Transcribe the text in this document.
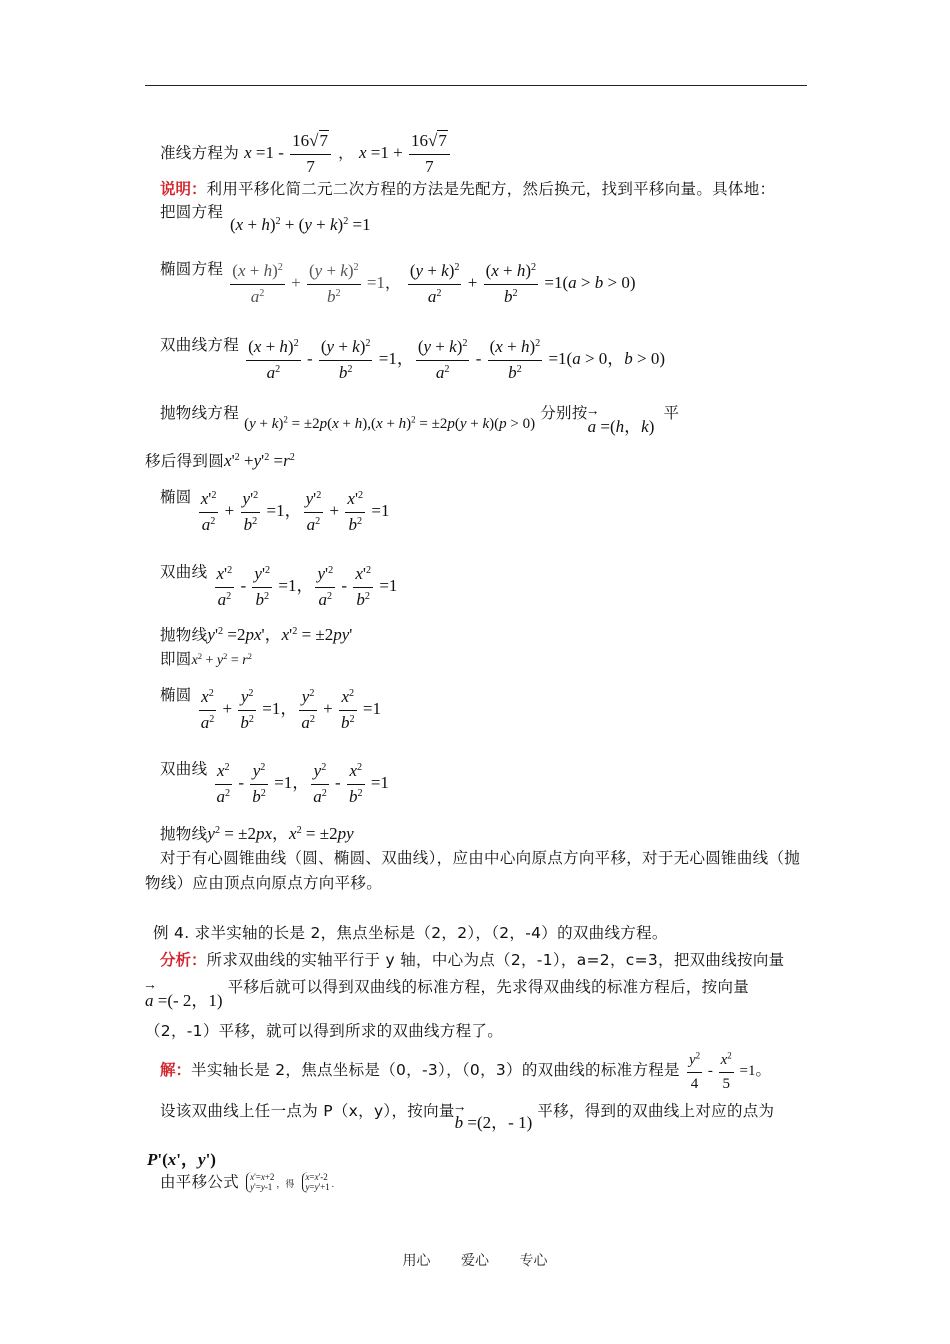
准线方程为 $x =1 - \frac{16√7}{7}$ ， $x =1 + \frac{16√7}{7}$
说明：利用平移化简二元二次方程的方法是先配方，然后换元，找到平移向量。具体地：
把圆方程
$(x + h)^2 + (y + k)^2 =1$
椭圆方程 $\frac{(x + h)^2}{a^2} + \frac{(y + k)^2}{b^2} =1$， $\frac{(y + k)^2}{a^2} + \frac{(x + h)^2}{b^2} =1(a > b > 0)$
双曲线方程 $\frac{(x + h)^2}{a^2} - \frac{(y + k)^2}{b^2} =1$， $\frac{(y + k)^2}{a^2} - \frac{(x + h)^2}{b^2} =1(a > 0$，b > 0)
抛物线方程 $(y + k)^2 = \pm 2p(x + h),(x + h)^2 = \pm 2p(y + k)(p > 0)$ 分别按→ a =(h，k) 平
移后得到圆$x'^2 +y'^2 =r^2$
椭圆 $\frac{x'^2}{a^2} + \frac{y'^2}{b^2} =1$， $\frac{y'^2}{a^2} + \frac{x'^2}{b^2} =1$
双曲线 $\frac{x'^2}{a^2} - \frac{y'^2}{b^2} =1$， $\frac{y'^2}{a^2} - \frac{x'^2}{b^2} =1$
抛物线$y'^2 =2px'$，$x'^2 = \pm 2py'$
即圆$x^2 + y^2 = r^2$
椭圆 $\frac{x^2}{a^2} + \frac{y^2}{b^2} =1$， $\frac{y^2}{a^2} + \frac{x^2}{b^2} =1$
双曲线 $\frac{x^2}{a^2} - \frac{y^2}{b^2} =1$， $\frac{y^2}{a^2} - \frac{x^2}{b^2} =1$
抛物线$y^2 = \pm 2px$，$x^2 = \pm 2py$
对于有心圆锥曲线（圆、椭圆、双曲线），应由中心向原点方向平移，对于无心圆锥曲线（抛
物线）应由顶点向原点方向平移。
例 4. 求半实轴的长是 2，焦点坐标是（2，2），（2，-4）的双曲线方程。
分析：所求双曲线的实轴平行于 y 轴，中心为点（2，-1），a=2，c=3，把双曲线按向量
→ a =(- 2，1) 平移后就可以得到双曲线的标准方程，先求得双曲线的标准方程后，按向量
（2，-1）平移，就可以得到所求的双曲线方程了。
解：半实轴长是 2，焦点坐标是（0，-3），（0，3）的双曲线的标准方程是 $\frac{y^2}{4} - \frac{x^2}{5} =1$。
设该双曲线上任一点为 P（x，y），按向量→ b =(2，- 1) 平移，得到的双曲线上对应的点为
P'(x'，y')
由平移公式 x'=x+2
y'=y-1 ，得 x=x'-2
y=y'+1 .
用心 爱心 专心
